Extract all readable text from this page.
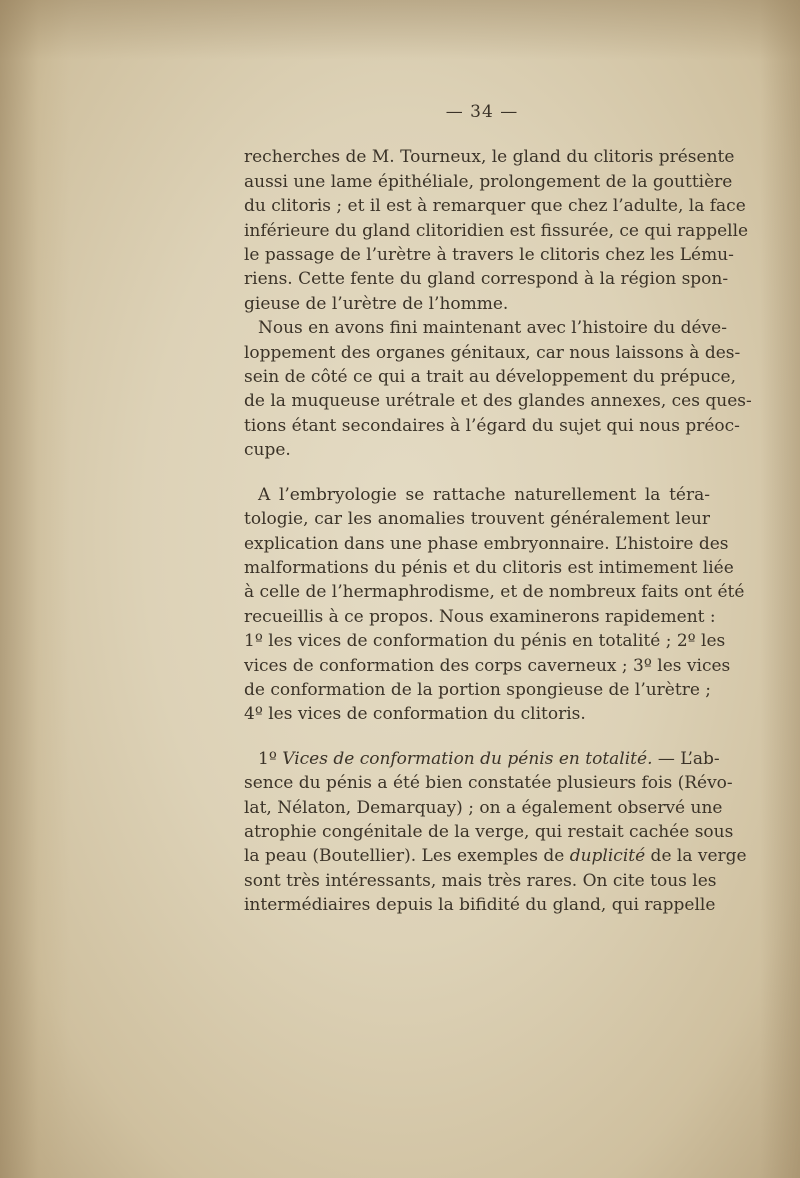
— 34 —

recherches de M. Tourneux, le gland du clitoris présente
aussi une lame épithéliale, prolongement de la gouttière
du clitoris ; et il est à remarquer que chez l’adulte, la face
inférieure du gland clitoridien est fissurée, ce qui rappelle
le passage de l’urètre à travers le clitoris chez les Lému-
riens. Cette fente du gland correspond à la région spon-
gieuse de l’urètre de l’homme.

Nous en avons fini maintenant avec l’histoire du déve-
loppement des organes génitaux, car nous laissons à des-
sein de côté ce qui a trait au développement du prépuce,
de la muqueuse urétrale et des glandes annexes, ces ques-
tions étant secondaires à l’égard du sujet qui nous préoc-
cupe.

A l’embryologie se rattache naturellement la téra-
tologie, car les anomalies trouvent généralement leur
explication dans une phase embryonnaire. L’histoire des
malformations du pénis et du clitoris est intimement liée
à celle de l’hermaphrodisme, et de nombreux faits ont été
recueillis à ce propos. Nous examinerons rapidement :
1º les vices de conformation du pénis en totalité ; 2º les
vices de conformation des corps caverneux ; 3º les vices
de conformation de la portion spongieuse de l’urètre ;
4º les vices de conformation du clitoris.

1º Vices de conformation du pénis en totalité. — L’ab-
sence du pénis a été bien constatée plusieurs fois (Révo-
lat, Nélaton, Demarquay) ; on a également observé une
atrophie congénitale de la verge, qui restait cachée sous
la peau (Boutellier). Les exemples de duplicité de la verge
sont très intéressants, mais très rares. On cite tous les
intermédiaires depuis la bifidité du gland, qui rappelle
